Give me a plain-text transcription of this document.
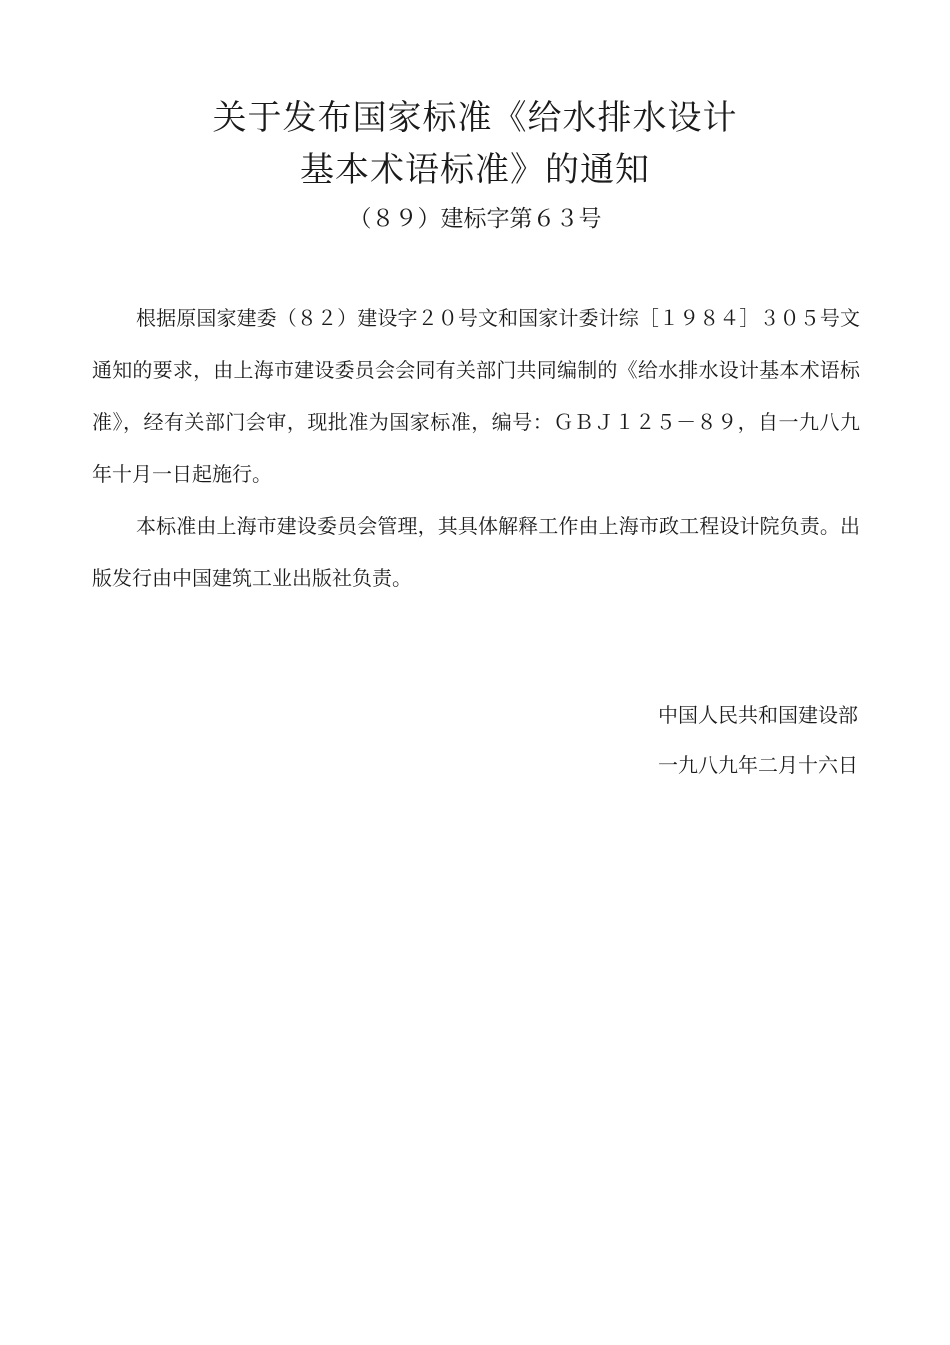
关于发布国家标准《给水排水设计
基本术语标准》的通知
（８９）建标字第６３号

根据原国家建委（８２）建设字２０号文和国家计委计综［１９８４］３０５号文通知的要求，由上海市建设委员会会同有关部门共同编制的《给水排水设计基本术语标准》，经有关部门会审，现批准为国家标准，编号：ＧＢＪ１２５－８９，自一九八九年十月一日起施行。

本标准由上海市建设委员会管理，其具体解释工作由上海市政工程设计院负责。出版发行由中国建筑工业出版社负责。

中国人民共和国建设部
一九八九年二月十六日
